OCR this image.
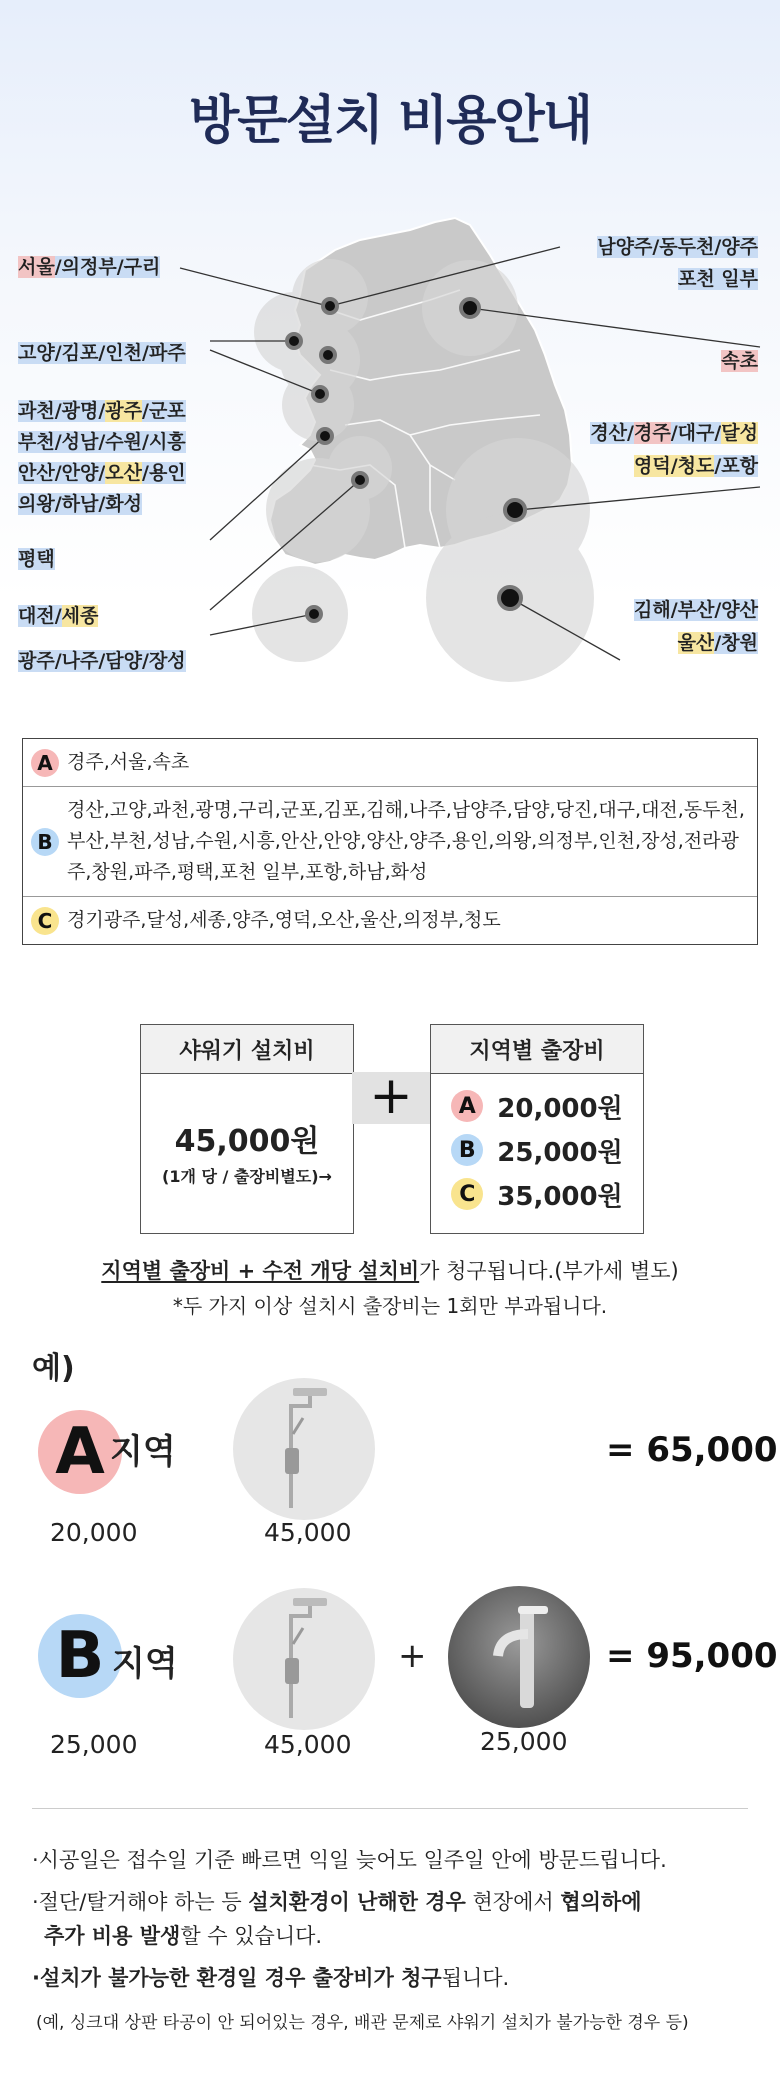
방문설치 비용안내
서울/의정부/구리
고양/김포/인천/파주
과천/광명/광주/군포
부천/성남/수원/시흥
안산/안양/오산/용인
의왕/하남/화성
평택
대전/세종
광주/나주/담양/장성
남양주/동두천/양주
포천 일부
속초
경산/경주/대구/달성
영덕/청도/포항
김해/부산/양산
울산/창원
A 경주,서울,속초
B
경산,고양,과천,광명,구리,군포,김포,김해,나주,남양주,담양,당진,대구,대전,동두천,부산,부천,성남,수원,시흥,안산,안양,양산,양주,용인,의왕,의정부,인천,장성,전라광주,창원,파주,평택,포천 일부,포항,하남,화성
C 경기광주,달성,세종,양주,영덕,오산,울산,의정부,청도
샤워기 설치비
45,000원
(1개 당 / 출장비별도)→
+
지역별 출장비
A 20,000원
B 25,000원
C 35,000원
지역별 출장비 + 수전 개당 설치비가 청구됩니다.(부가세 별도)
*두 가지 이상 설치시 출장비는 1회만 부과됩니다.
예)
A 지역
20,000	45,000
= 65,000
B 지역
25,000	45,000
+
25,000
= 95,000
·시공일은 접수일 기준 빠르면 익일 늦어도 일주일 안에 방문드립니다.
·절단/탈거해야 하는 등 설치환경이 난해한 경우 현장에서 협의하에
추가 비용 발생할 수 있습니다.
·설치가 불가능한 환경일 경우 출장비가 청구됩니다.
(예, 싱크대 상판 타공이 안 되어있는 경우, 배관 문제로 샤워기 설치가 불가능한 경우 등)
